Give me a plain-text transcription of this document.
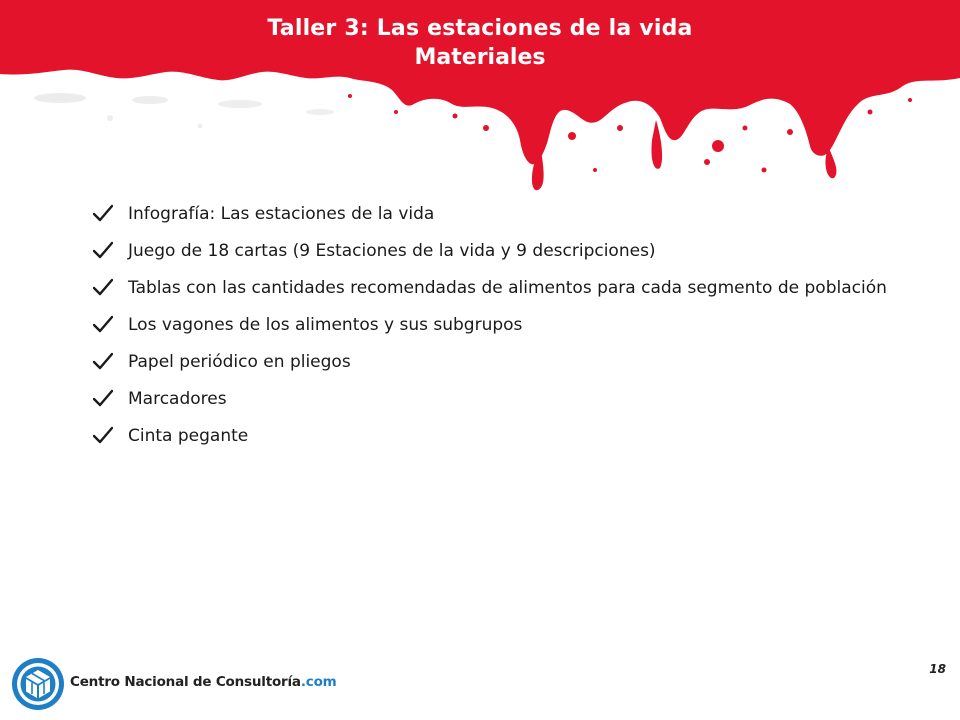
Taller 3: Las estaciones de la vida
Materiales
Infografía: Las estaciones de la vida
Juego de 18 cartas (9 Estaciones de la vida y 9 descripciones)
Tablas con las cantidades recomendadas de alimentos para cada segmento de población
Los vagones de los alimentos y sus subgrupos
Papel periódico en pliegos
Marcadores
Cinta pegante
Centro Nacional de Consultoría.com
18
